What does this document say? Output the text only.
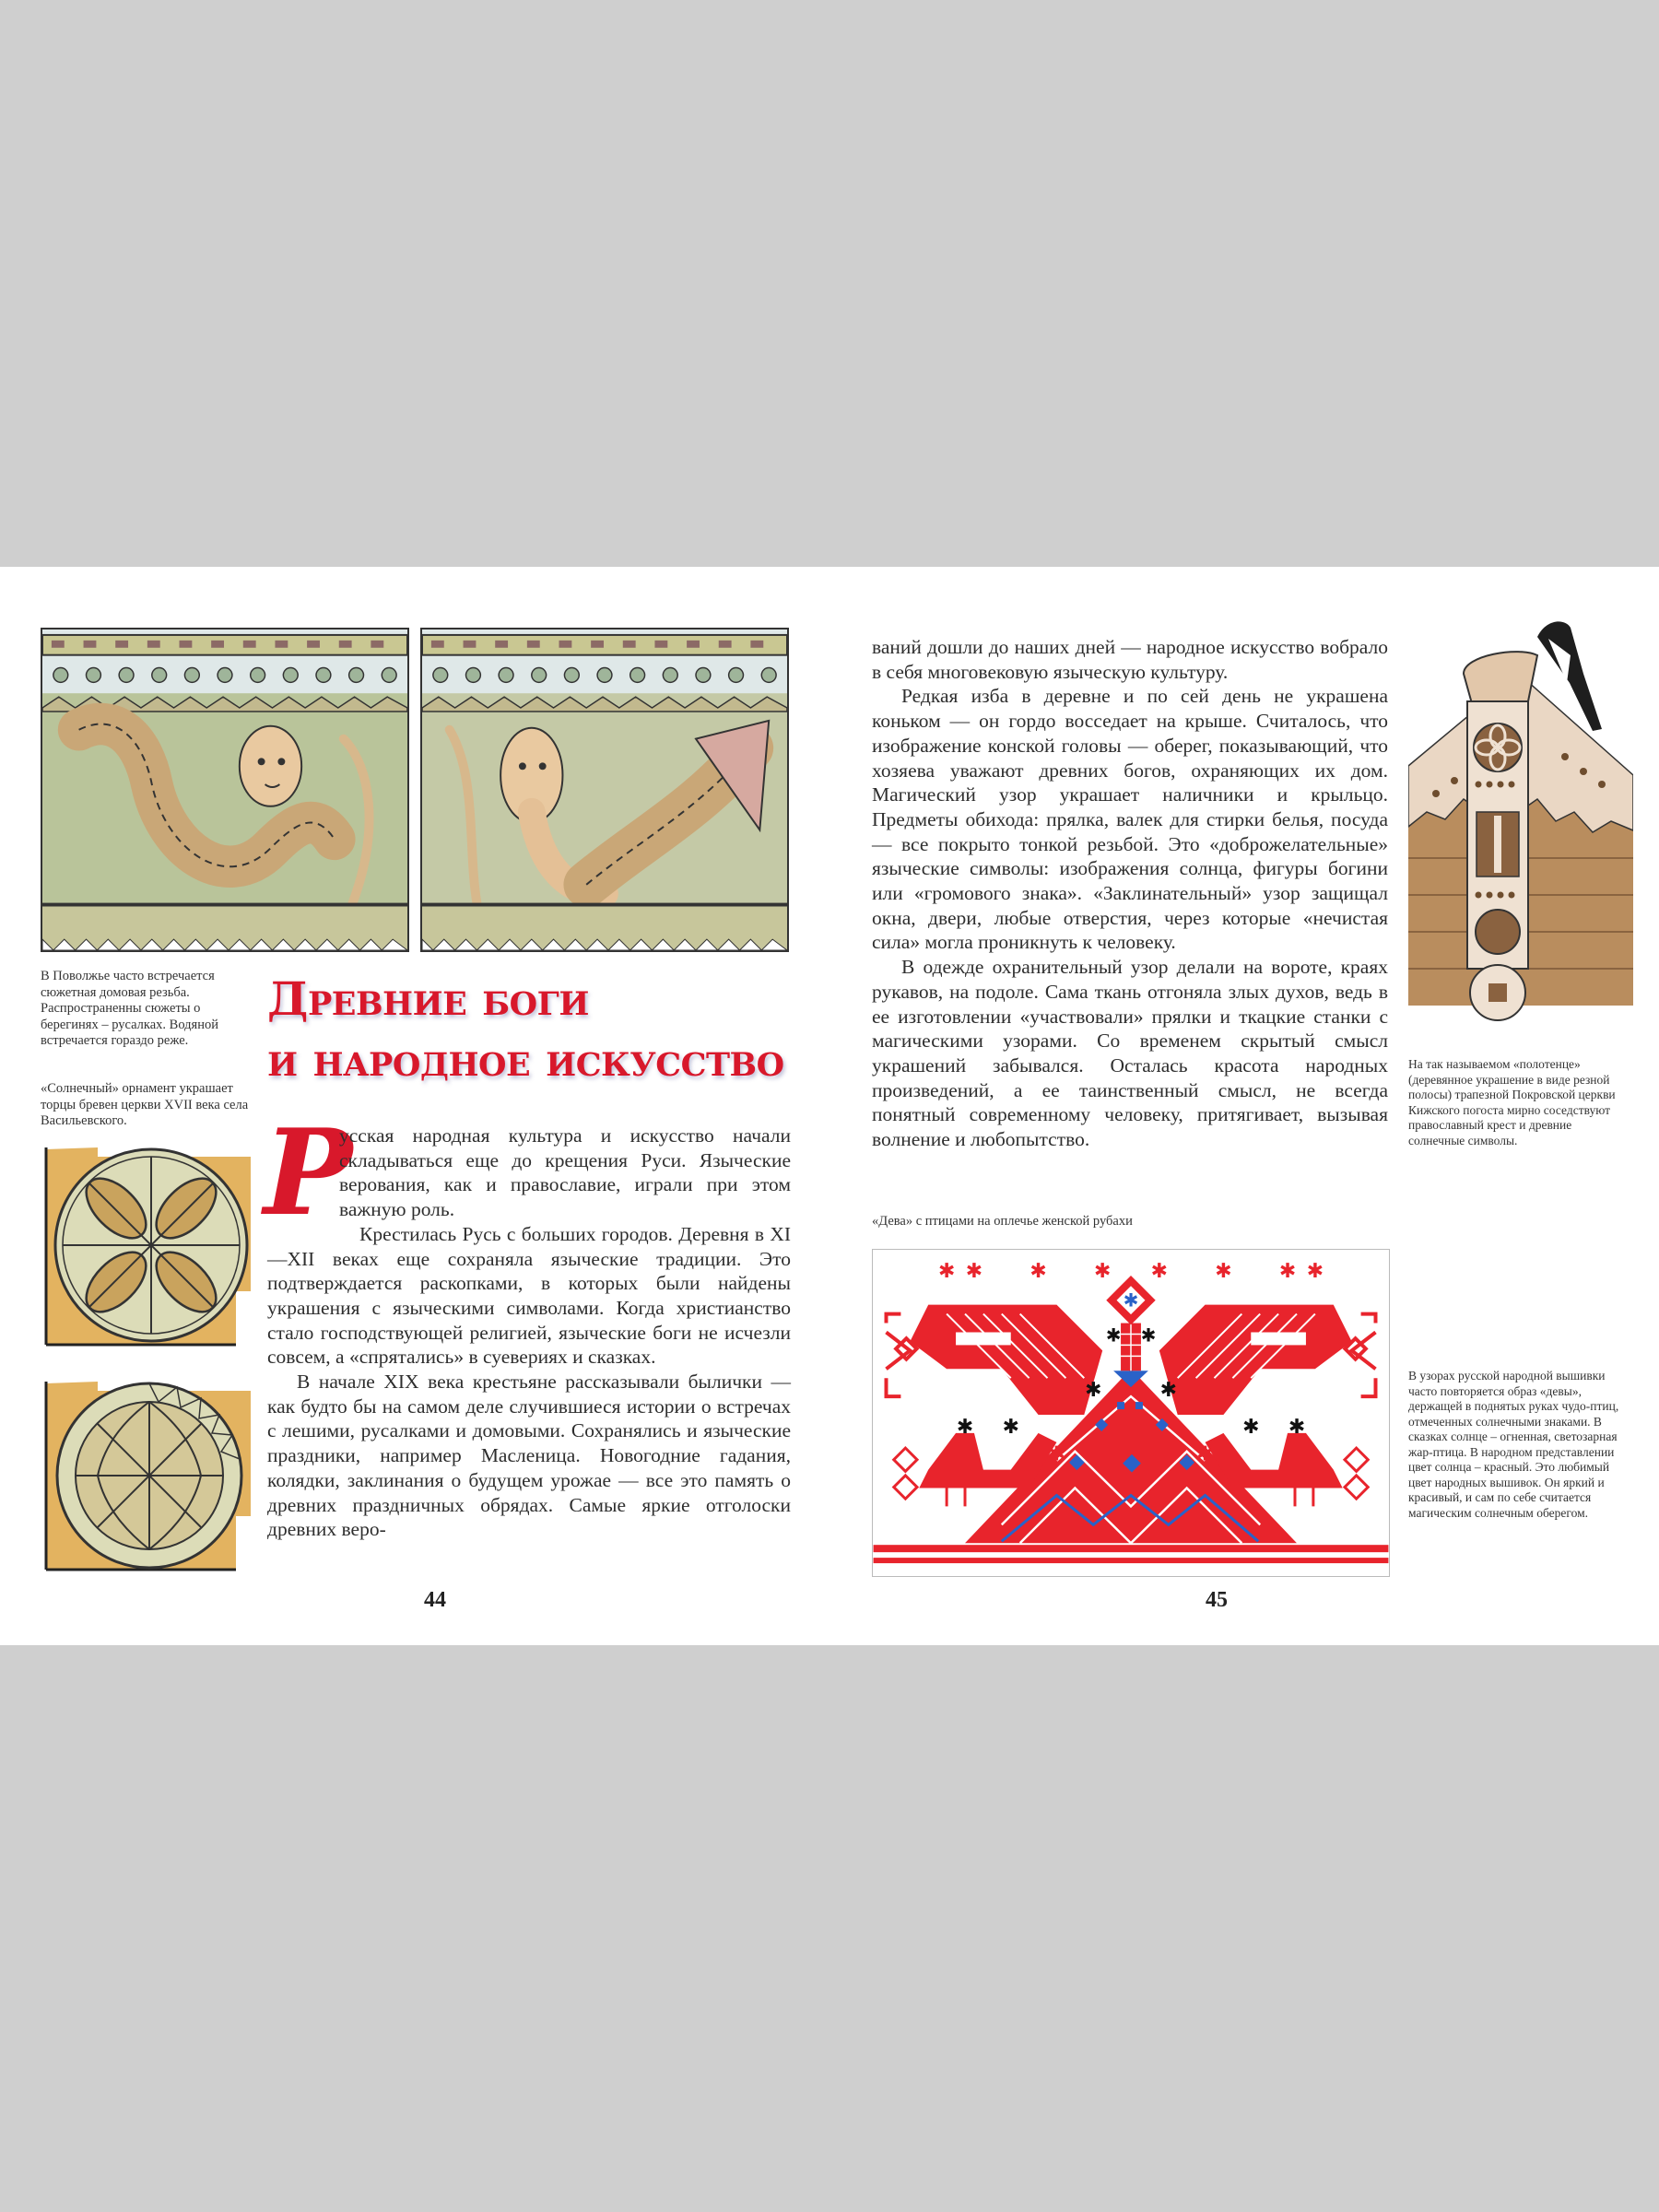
В Поволжье часто встречается сюжетная домовая резьба. Распространенны сюжеты о берегинях – русалках. Водяной встречается гораздо реже.
«Солнечный» орнамент украшает торцы бревен церкви XVII века села Васильевского.
Древние боги
и народное искусство

Р
усская народная культура и искусство начали складываться еще до крещения Руси. Языческие верования, как и православие, играли при этом важную роль.

Крестилась Русь с больших городов. Деревня в XI—XII веках еще сохраняла языческие традиции. Это подтверждается раскопками, в которых были найдены украшения с языческими символами. Когда христианство стало господствующей религией, языческие боги не исчезли совсем, а «спрятались» в суевериях и сказках.

В начале XIX века крестьяне рассказывали былички — как будто бы на самом деле случившиеся истории о встречах с лешими, русалками и домовыми. Сохранялись и языческие праздники, например Масленица. Новогодние гадания, колядки, заклинания о будущем урожае — все это память о древних праздничных обрядах. Самые яркие отголоски древних веро-

44

ваний дошли до наших дней — народное искусство вобрало в себя многовековую языческую культуру.

Редкая изба в деревне и по сей день не украшена коньком — он гордо восседает на крыше. Считалось, что изображение конской головы — оберег, показывающий, что хозяева уважают древних богов, охраняющих их дом. Магический узор украшает наличники и крыльцо. Предметы обихода: прялка, валек для стирки белья, посуда — все покрыто тонкой резьбой. Это «доброжелательные» языческие символы: изображения солнца, фигуры богини или «громового знака». «Заклинательный» узор защищал окна, двери, любые отверстия, через которые «нечистая сила» могла проникнуть к человеку.

В одежде охранительный узор делали на вороте, краях рукавов, на подоле. Сама ткань отгоняла злых духов, ведь в ее изготовлении «участвовали» прялки и ткацкие станки с магическими узорами. Со временем скрытый смысл украшений забывался. Осталась красота народных произведений, а ее таинственный смысл, не всегда понятный современному человеку, притягивает, вызывая волнение и любопытство.

На так называемом «полотенце» (деревянное украшение в виде резной полосы) трапезной Покровской церкви Кижского погоста мирно соседствуют православный крест и древние солнечные символы.
«Дева» с птицами на оплечье женской рубахи
✱
✱ ✱ ✱ ✱ ✱ ✱ ✱ ✱
✱	✱
✱ ✱
✱ ✱	✱ ✱
✱	✱
В узорах русской народной вышивки часто повторяется образ «девы», держащей в поднятых руках чудо-птиц, отмеченных солнечными знаками. В сказках солнце – огненная, светозарная жар-птица. В народном представлении цвет солнца – красный. Это любимый цвет народных вышивок. Он яркий и красивый, и сам по себе считается магическим солнечным оберегом.
45
